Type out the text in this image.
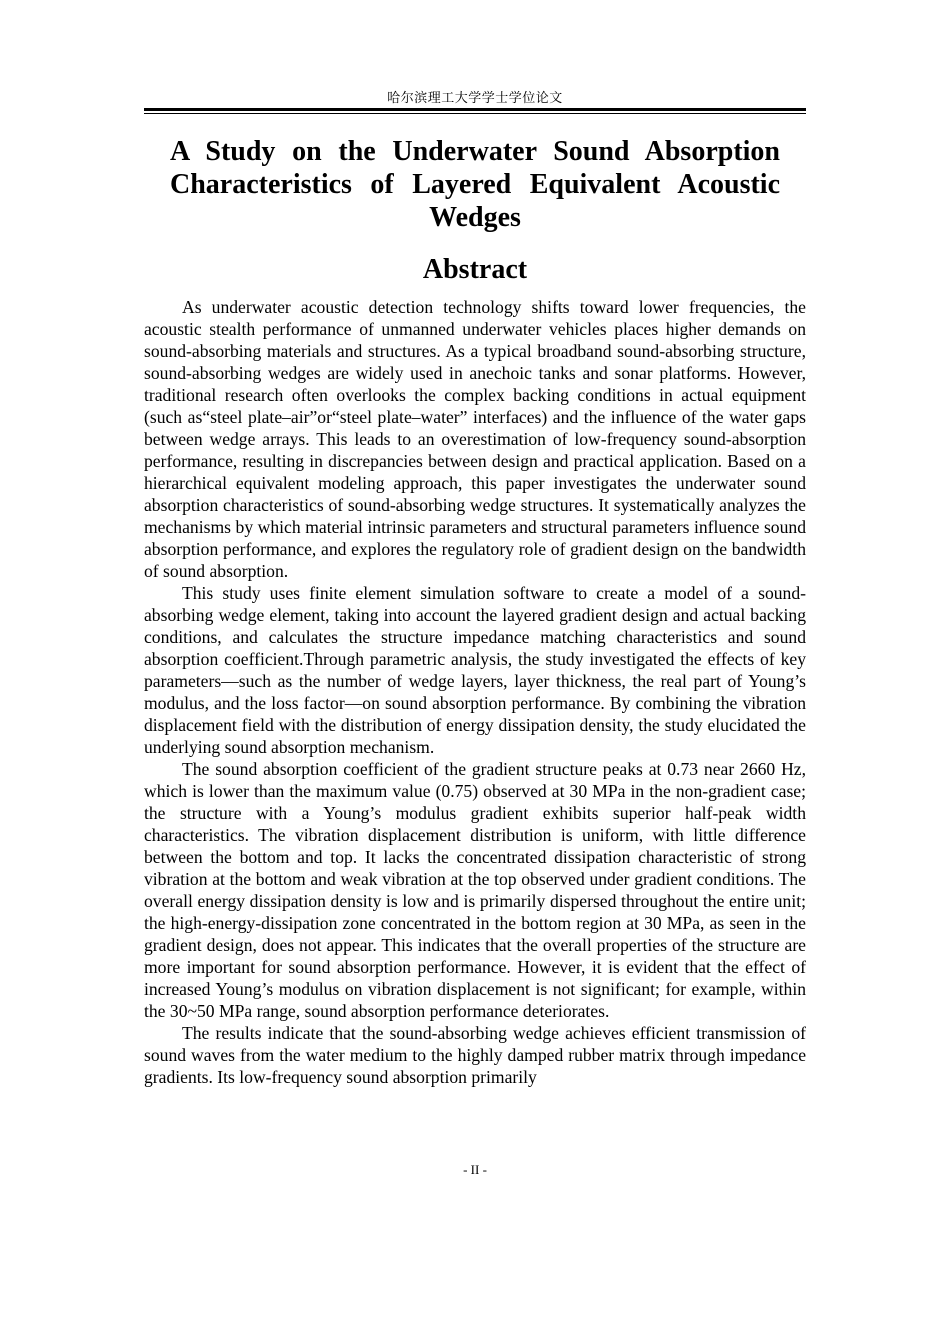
哈尔滨理工大学学士学位论文
A Study on the Underwater Sound Absorption Characteristics of Layered Equivalent Acoustic Wedges
Abstract

As underwater acoustic detection technology shifts toward lower frequencies, the acoustic stealth performance of unmanned underwater vehicles places higher demands on sound-absorbing materials and structures. As a typical broadband sound-absorbing structure, sound-absorbing wedges are widely used in anechoic tanks and sonar platforms. However, traditional research often overlooks the complex backing conditions in actual equipment (such as“steel plate–air”or“steel plate–water” interfaces) and the influence of the water gaps between wedge arrays. This leads to an overestimation of low-frequency sound-absorption performance, resulting in discrepancies between design and practical application. Based on a hierarchical equivalent modeling approach, this paper investigates the underwater sound absorption characteristics of sound-absorbing wedge structures. It systematically analyzes the mechanisms by which material intrinsic parameters and structural parameters influence sound absorption performance, and explores the regulatory role of gradient design on the bandwidth of sound absorption.

This study uses finite element simulation software to create a model of a sound-absorbing wedge element, taking into account the layered gradient design and actual backing conditions, and calculates the structure impedance matching characteristics and sound absorption coefficient.Through parametric analysis, the study investigated the effects of key parameters—such as the number of wedge layers, layer thickness, the real part of Young’s modulus, and the loss factor—on sound absorption performance. By combining the vibration displacement field with the distribution of energy dissipation density, the study elucidated the underlying sound absorption mechanism.

The sound absorption coefficient of the gradient structure peaks at 0.73 near 2660 Hz, which is lower than the maximum value (0.75) observed at 30 MPa in the non-gradient case; the structure with a Young’s modulus gradient exhibits superior half-peak width characteristics. The vibration displacement distribution is uniform, with little difference between the bottom and top. It lacks the concentrated dissipation characteristic of strong vibration at the bottom and weak vibration at the top observed under gradient conditions. The overall energy dissipation density is low and is primarily dispersed throughout the entire unit; the high-energy-dissipation zone concentrated in the bottom region at 30 MPa, as seen in the gradient design, does not appear. This indicates that the overall properties of the structure are more important for sound absorption performance. However, it is evident that the effect of increased Young’s modulus on vibration displacement is not significant; for example, within the 30~50 MPa range, sound absorption performance deteriorates.

The results indicate that the sound-absorbing wedge achieves efficient transmission of sound waves from the water medium to the highly damped rubber matrix through impedance gradients. Its low-frequency sound absorption primarily

- II -
